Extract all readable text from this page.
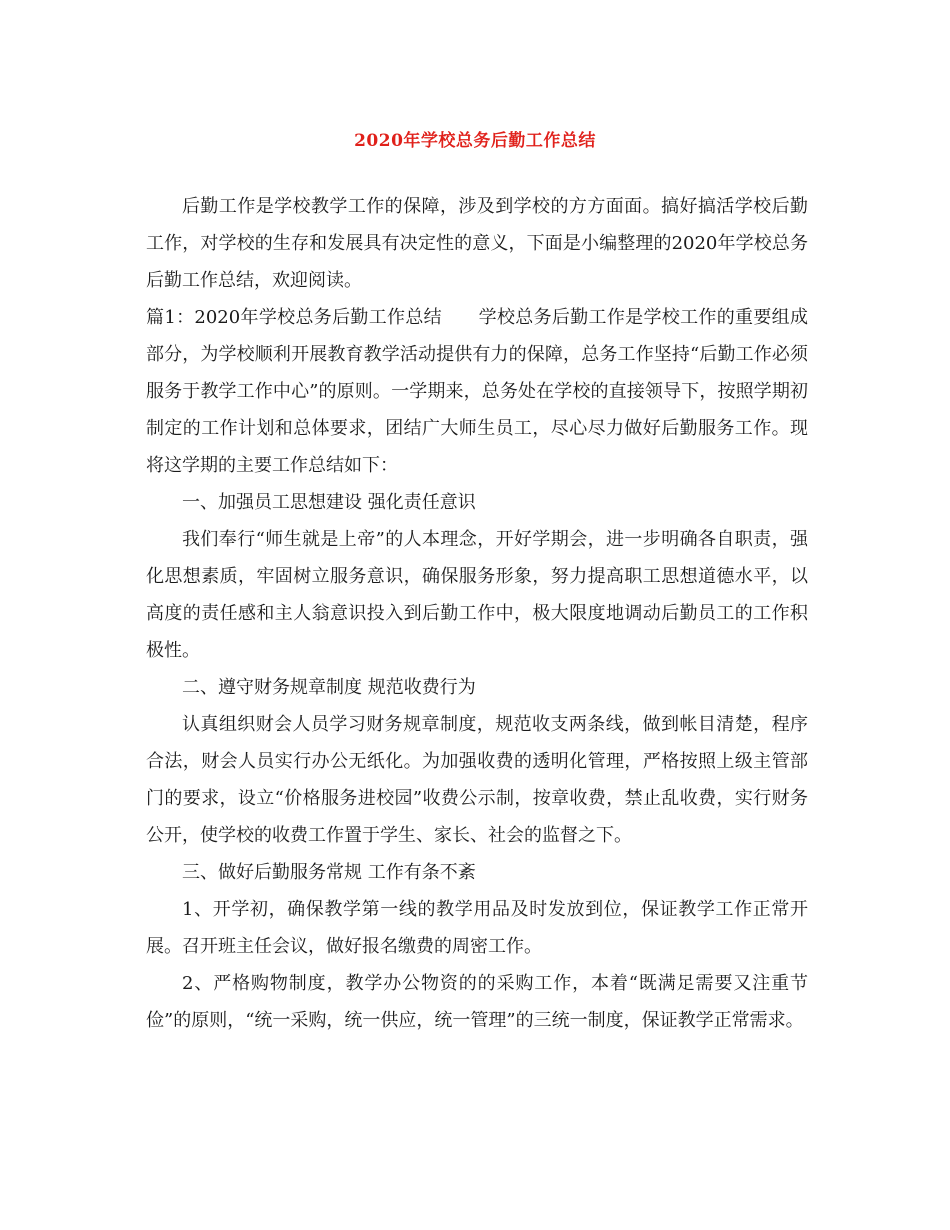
2020年学校总务后勤工作总结

后勤工作是学校教学工作的保障，涉及到学校的方方面面。搞好搞活学校后勤工作，对学校的生存和发展具有决定性的意义，下面是小编整理的2020年学校总务后勤工作总结，欢迎阅读。

篇1：2020年学校总务后勤工作总结　　学校总务后勤工作是学校工作的重要组成部分，为学校顺利开展教育教学活动提供有力的保障，总务工作坚持“后勤工作必须服务于教学工作中心”的原则。一学期来，总务处在学校的直接领导下，按照学期初制定的工作计划和总体要求，团结广大师生员工，尽心尽力做好后勤服务工作。现将这学期的主要工作总结如下：

一、加强员工思想建设 强化责任意识

我们奉行“师生就是上帝”的人本理念，开好学期会，进一步明确各自职责，强化思想素质，牢固树立服务意识，确保服务形象，努力提高职工思想道德水平，以高度的责任感和主人翁意识投入到后勤工作中，极大限度地调动后勤员工的工作积极性。

二、遵守财务规章制度 规范收费行为

认真组织财会人员学习财务规章制度，规范收支两条线，做到帐目清楚，程序合法，财会人员实行办公无纸化。为加强收费的透明化管理，严格按照上级主管部门的要求，设立“价格服务进校园”收费公示制，按章收费，禁止乱收费，实行财务公开，使学校的收费工作置于学生、家长、社会的监督之下。

三、做好后勤服务常规 工作有条不紊

1、开学初，确保教学第一线的教学用品及时发放到位，保证教学工作正常开展。召开班主任会议，做好报名缴费的周密工作。

2、严格购物制度，教学办公物资的的采购工作，本着“既满足需要又注重节俭”的原则，“统一采购，统一供应，统一管理”的三统一制度，保证教学正常需求。
